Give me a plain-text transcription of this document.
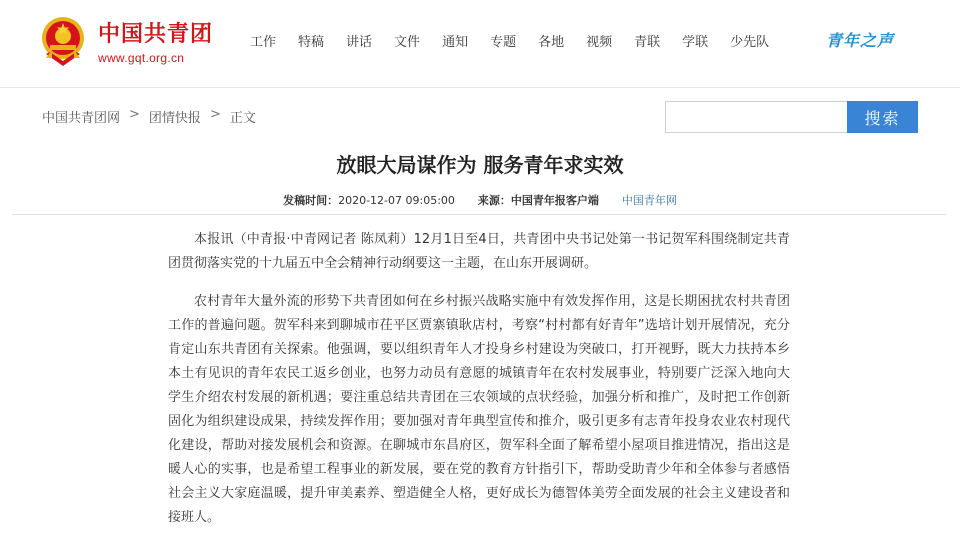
中国共青团
www.gqt.org.cn
工作 特稿 讲话 文件 通知 专题 各地 视频 青联 学联 少先队	青年之声
中国共青团网 > 团情快报 > 正文	搜索
放眼大局谋作为 服务青年求实效
发稿时间：2020-12-07 09:05:00 来源：中国青年报客户端 中国青年网

本报讯（中青报·中青网记者 陈凤莉）12月1日至4日，共青团中央书记处第一书记贺军科围绕制定共青团贯彻落实党的十九届五中全会精神行动纲要这一主题，在山东开展调研。

农村青年大量外流的形势下共青团如何在乡村振兴战略实施中有效发挥作用，这是长期困扰农村共青团工作的普遍问题。贺军科来到聊城市茌平区贾寨镇耿店村，考察“村村都有好青年”选培计划开展情况，充分肯定山东共青团有关探索。他强调，要以组织青年人才投身乡村建设为突破口，打开视野，既大力扶持本乡本土有见识的青年农民工返乡创业，也努力动员有意愿的城镇青年在农村发展事业，特别要广泛深入地向大学生介绍农村发展的新机遇；要注重总结共青团在三农领域的点状经验，加强分析和推广，及时把工作创新固化为组织建设成果，持续发挥作用；要加强对青年典型宣传和推介，吸引更多有志青年投身农业农村现代化建设，帮助对接发展机会和资源。在聊城市东昌府区，贺军科全面了解希望小屋项目推进情况，指出这是暖人心的实事，也是希望工程事业的新发展，要在党的教育方针指引下，帮助受助青少年和全体参与者感悟社会主义大家庭温暖，提升审美素养、塑造健全人格，更好成长为德智体美劳全面发展的社会主义建设者和接班人。
